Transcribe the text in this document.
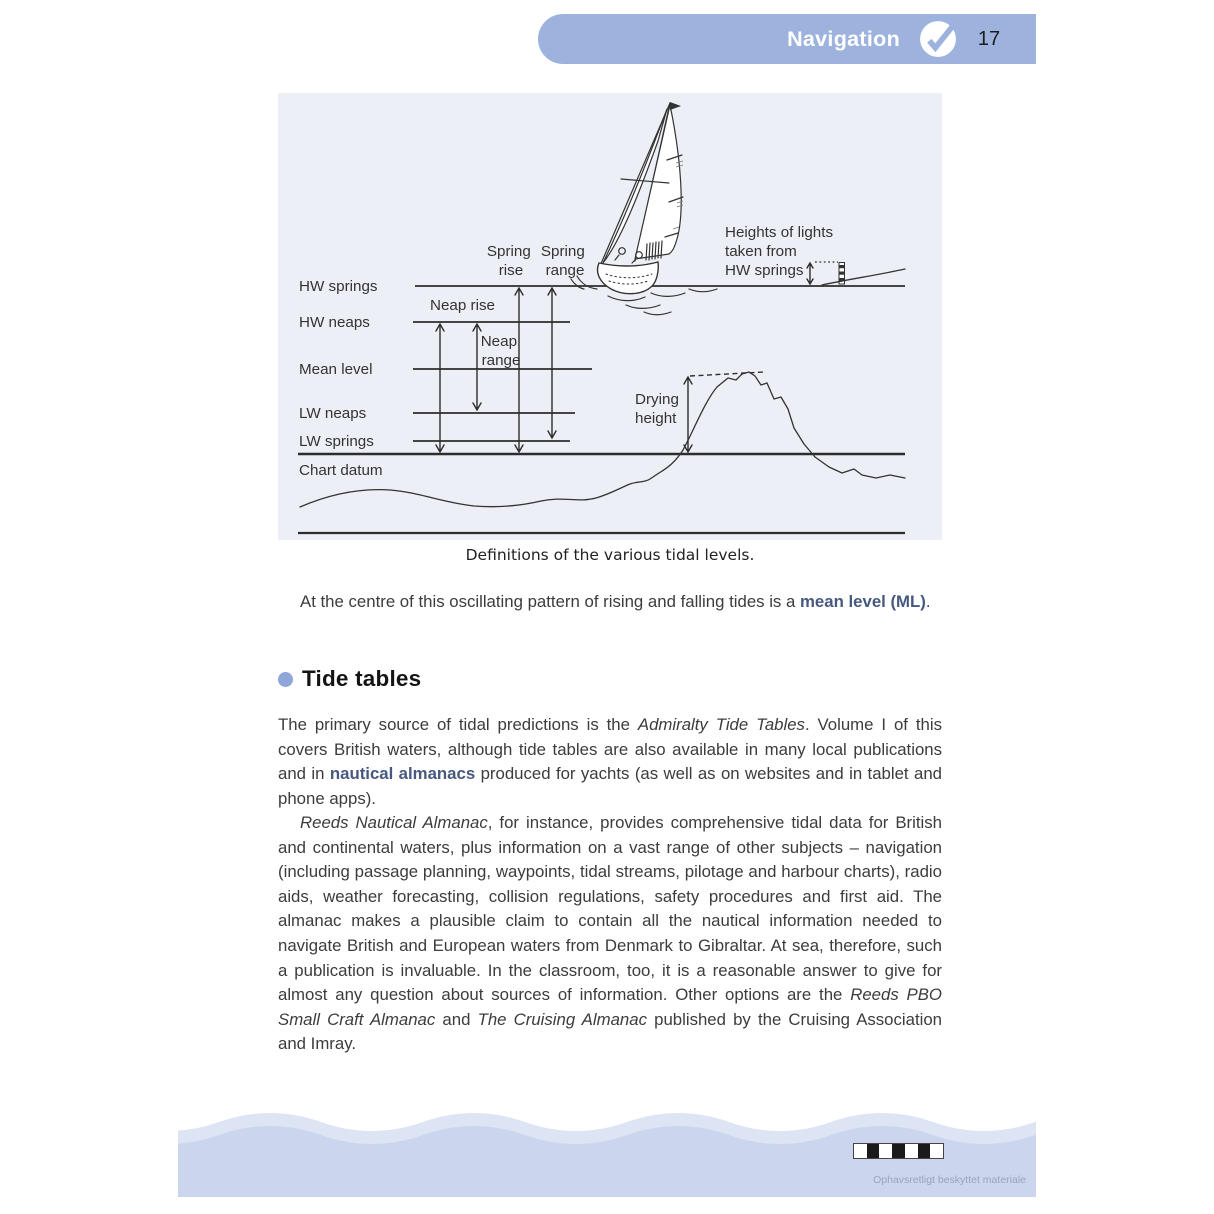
Navigation	17
HW springs
HW neaps
Mean level
LW neaps
LW springs
Chart datum
Spring rise
Spring range
Neap rise
Neap range
Drying height
Heights of lights taken from HW springs
Definitions of the various tidal levels.
At the centre of this oscillating pattern of rising and falling tides is a mean level (ML).
Tide tables
The primary source of tidal predictions is the Admiralty Tide Tables. Volume I of this covers British waters, although tide tables are also available in many local publications and in nautical almanacs produced for yachts (as well as on websites and in tablet and phone apps).
Reeds Nautical Almanac, for instance, provides comprehensive tidal data for British and continental waters, plus information on a vast range of other subjects – navigation (including passage planning, waypoints, tidal streams, pilotage and harbour charts), radio aids, weather forecasting, collision regulations, safety procedures and first aid. The almanac makes a plausible claim to contain all the nautical information needed to navigate British and European waters from Denmark to Gibraltar. At sea, therefore, such a publication is invaluable. In the classroom, too, it is a reasonable answer to give for almost any question about sources of information. Other options are the Reeds PBO Small Craft Almanac and The Cruising Almanac published by the Cruising Association and Imray.
Ophavsretligt beskyttet materiale
